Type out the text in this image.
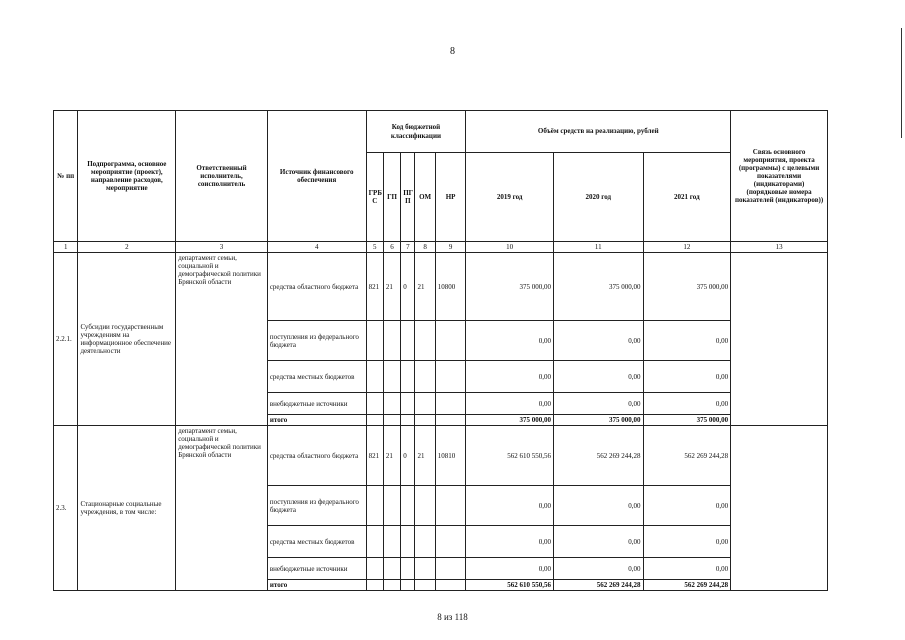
8
№ пп	Подпрограмма, основное мероприятие (проект), направление расходов, мероприятие	Ответственный исполнитель, соисполнитель	Источник финансового обеспечения	Код бюджетной классификации					Объём средств на реализацию, рублей			Связь основного мероприятия, проекта (программы) с целевыми показателями (индикаторами) (порядковые номера показателей (индикаторов))
				ГРБ С	ГП	ПГ П	ОМ	НР	2019 год	2020 год	2021 год	
1	2	3	4	5	6	7	8	9	10	11	12	13
2.2.1.	Субсидии государственным учреждениям на информационное обеспечение деятельности	департамент семьи, социальной и демографической политики Брянской области	средства областного бюджета	821	21	0	21	10800	375 000,00	375 000,00	375 000,00	
			поступления из федерального бюджета						0,00	0,00	0,00	
			средства местных бюджетов						0,00	0,00	0,00	
			внебюджетные источники						0,00	0,00	0,00	
			итого						375 000,00	375 000,00	375 000,00	
2.3.	Стационарные социальные учреждения, в том числе:	департамент семьи, социальной и демографической политики Брянской области	средства областного бюджета	821	21	0	21	10810	562 610 550,56	562 269 244,28	562 269 244,28	
			поступления из федерального бюджета						0,00	0,00	0,00	
			средства местных бюджетов						0,00	0,00	0,00	
			внебюджетные источники						0,00	0,00	0,00	
			итого						562 610 550,56	562 269 244,28	562 269 244,28	
8 из 118
